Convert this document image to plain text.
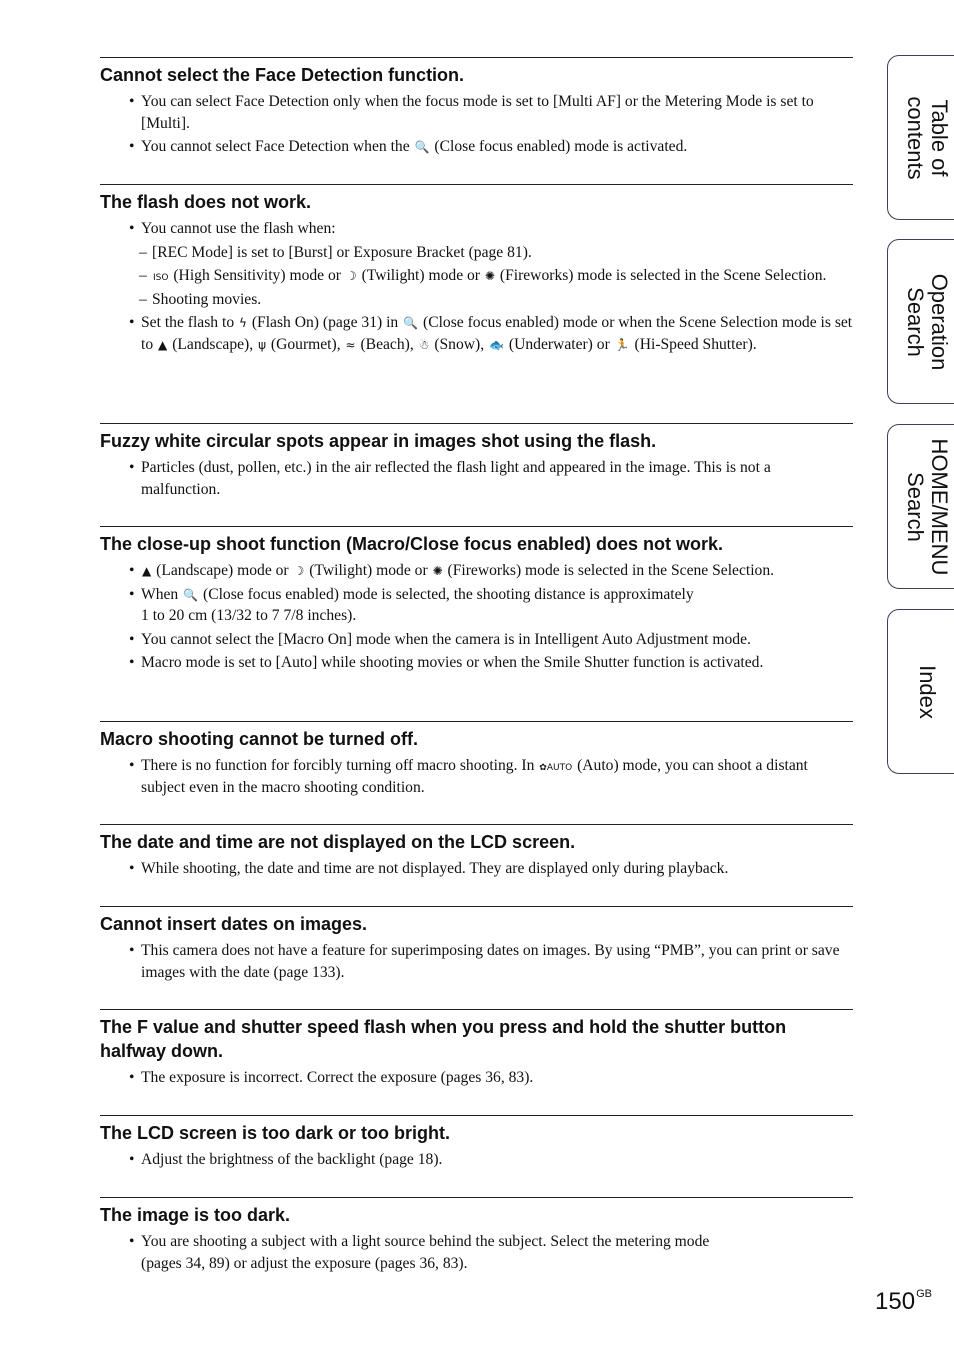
Table of
contents
Operation
Search
HOME/MENU
Search
Index
Cannot select the Face Detection function.
• You can select Face Detection only when the focus mode is set to [Multi AF] or the Metering Mode is set to [Multi].
• You cannot select Face Detection when the 🔍 (Close focus enabled) mode is activated.
The flash does not work.
• You cannot use the flash when:
– [REC Mode] is set to [Burst] or Exposure Bracket (page 81).
– ISO (High Sensitivity) mode or ☽ (Twilight) mode or ✺ (Fireworks) mode is selected in the Scene Selection.
– Shooting movies.
• Set the flash to ϟ (Flash On) (page 31) in 🔍 (Close focus enabled) mode or when the Scene Selection mode is set to ▲ (Landscape), ψ (Gourmet), ≈ (Beach), ☃ (Snow), 🐟 (Underwater) or 🏃 (Hi-Speed Shutter).
Fuzzy white circular spots appear in images shot using the flash.
• Particles (dust, pollen, etc.) in the air reflected the flash light and appeared in the image. This is not a malfunction.
The close-up shoot function (Macro/Close focus enabled) does not work.
• ▲ (Landscape) mode or ☽ (Twilight) mode or ✺ (Fireworks) mode is selected in the Scene Selection.
• When 🔍 (Close focus enabled) mode is selected, the shooting distance is approximately
1 to 20 cm (13/32 to 7 7/8 inches).
• You cannot select the [Macro On] mode when the camera is in Intelligent Auto Adjustment mode.
• Macro mode is set to [Auto] while shooting movies or when the Smile Shutter function is activated.
Macro shooting cannot be turned off.
• There is no function for forcibly turning off macro shooting. In ✿AUTO (Auto) mode, you can shoot a distant subject even in the macro shooting condition.
The date and time are not displayed on the LCD screen.
• While shooting, the date and time are not displayed. They are displayed only during playback.
Cannot insert dates on images.
• This camera does not have a feature for superimposing dates on images. By using “PMB”, you can print or save images with the date (page 133).
The F value and shutter speed flash when you press and hold the shutter button halfway down.
• The exposure is incorrect. Correct the exposure (pages 36, 83).
The LCD screen is too dark or too bright.
• Adjust the brightness of the backlight (page 18).
The image is too dark.
• You are shooting a subject with a light source behind the subject. Select the metering mode
(pages 34, 89) or adjust the exposure (pages 36, 83).
$150^{GB}$
